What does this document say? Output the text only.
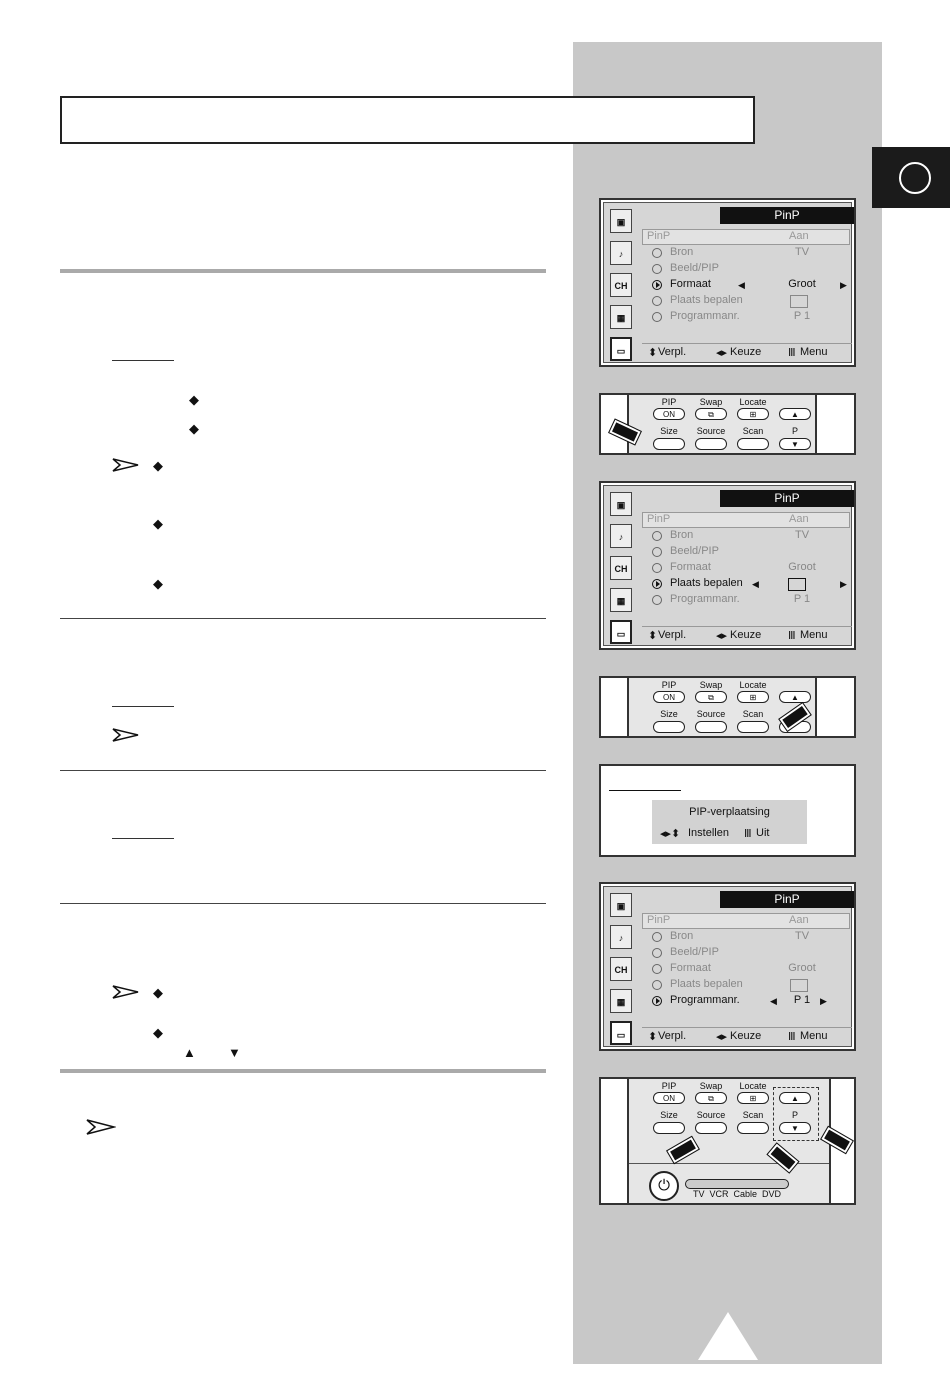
◆
◆
◆
◆
◆
◆
◆
▲ ▼
▣
♪
CH
▦
▭
PinP
PinP	Aan
Bron	TV
Beeld/PIP
Formaat	◀	Groot	▶
Plaats bepalen
Programmanr.	P 1
⬍ Verpl.	◂▸ Keuze Ⅲ Menu
PIP
ON
Swap
⧉
Locate
⊞	▲
Size	Source	Scan	P
▼
▣
♪
CH
▦
▭
PinP
PinP	Aan
Bron	TV
Beeld/PIP
Formaat	Groot
Plaats bepalen ◀	▶
Programmanr.	P 1
⬍ Verpl.	◂▸ Keuze Ⅲ Menu
PIP
ON
Swap
⧉
Locate
⊞	▲
Size	Source	Scan
PIP-verplaatsing
◂▸⬍ Instellen Ⅲ Uit
▣
♪
CH
▦
▭
PinP
PinP	Aan
Bron	TV
Beeld/PIP
Formaat	Groot
Plaats bepalen
Programmanr.	◀	P 1	▶
⬍ Verpl.	◂▸ Keuze Ⅲ Menu
PIP
ON
Swap
⧉
Locate
⊞	▲
Size	Source	Scan	P
▼
⏻	TV  VCR  Cable  DVD
